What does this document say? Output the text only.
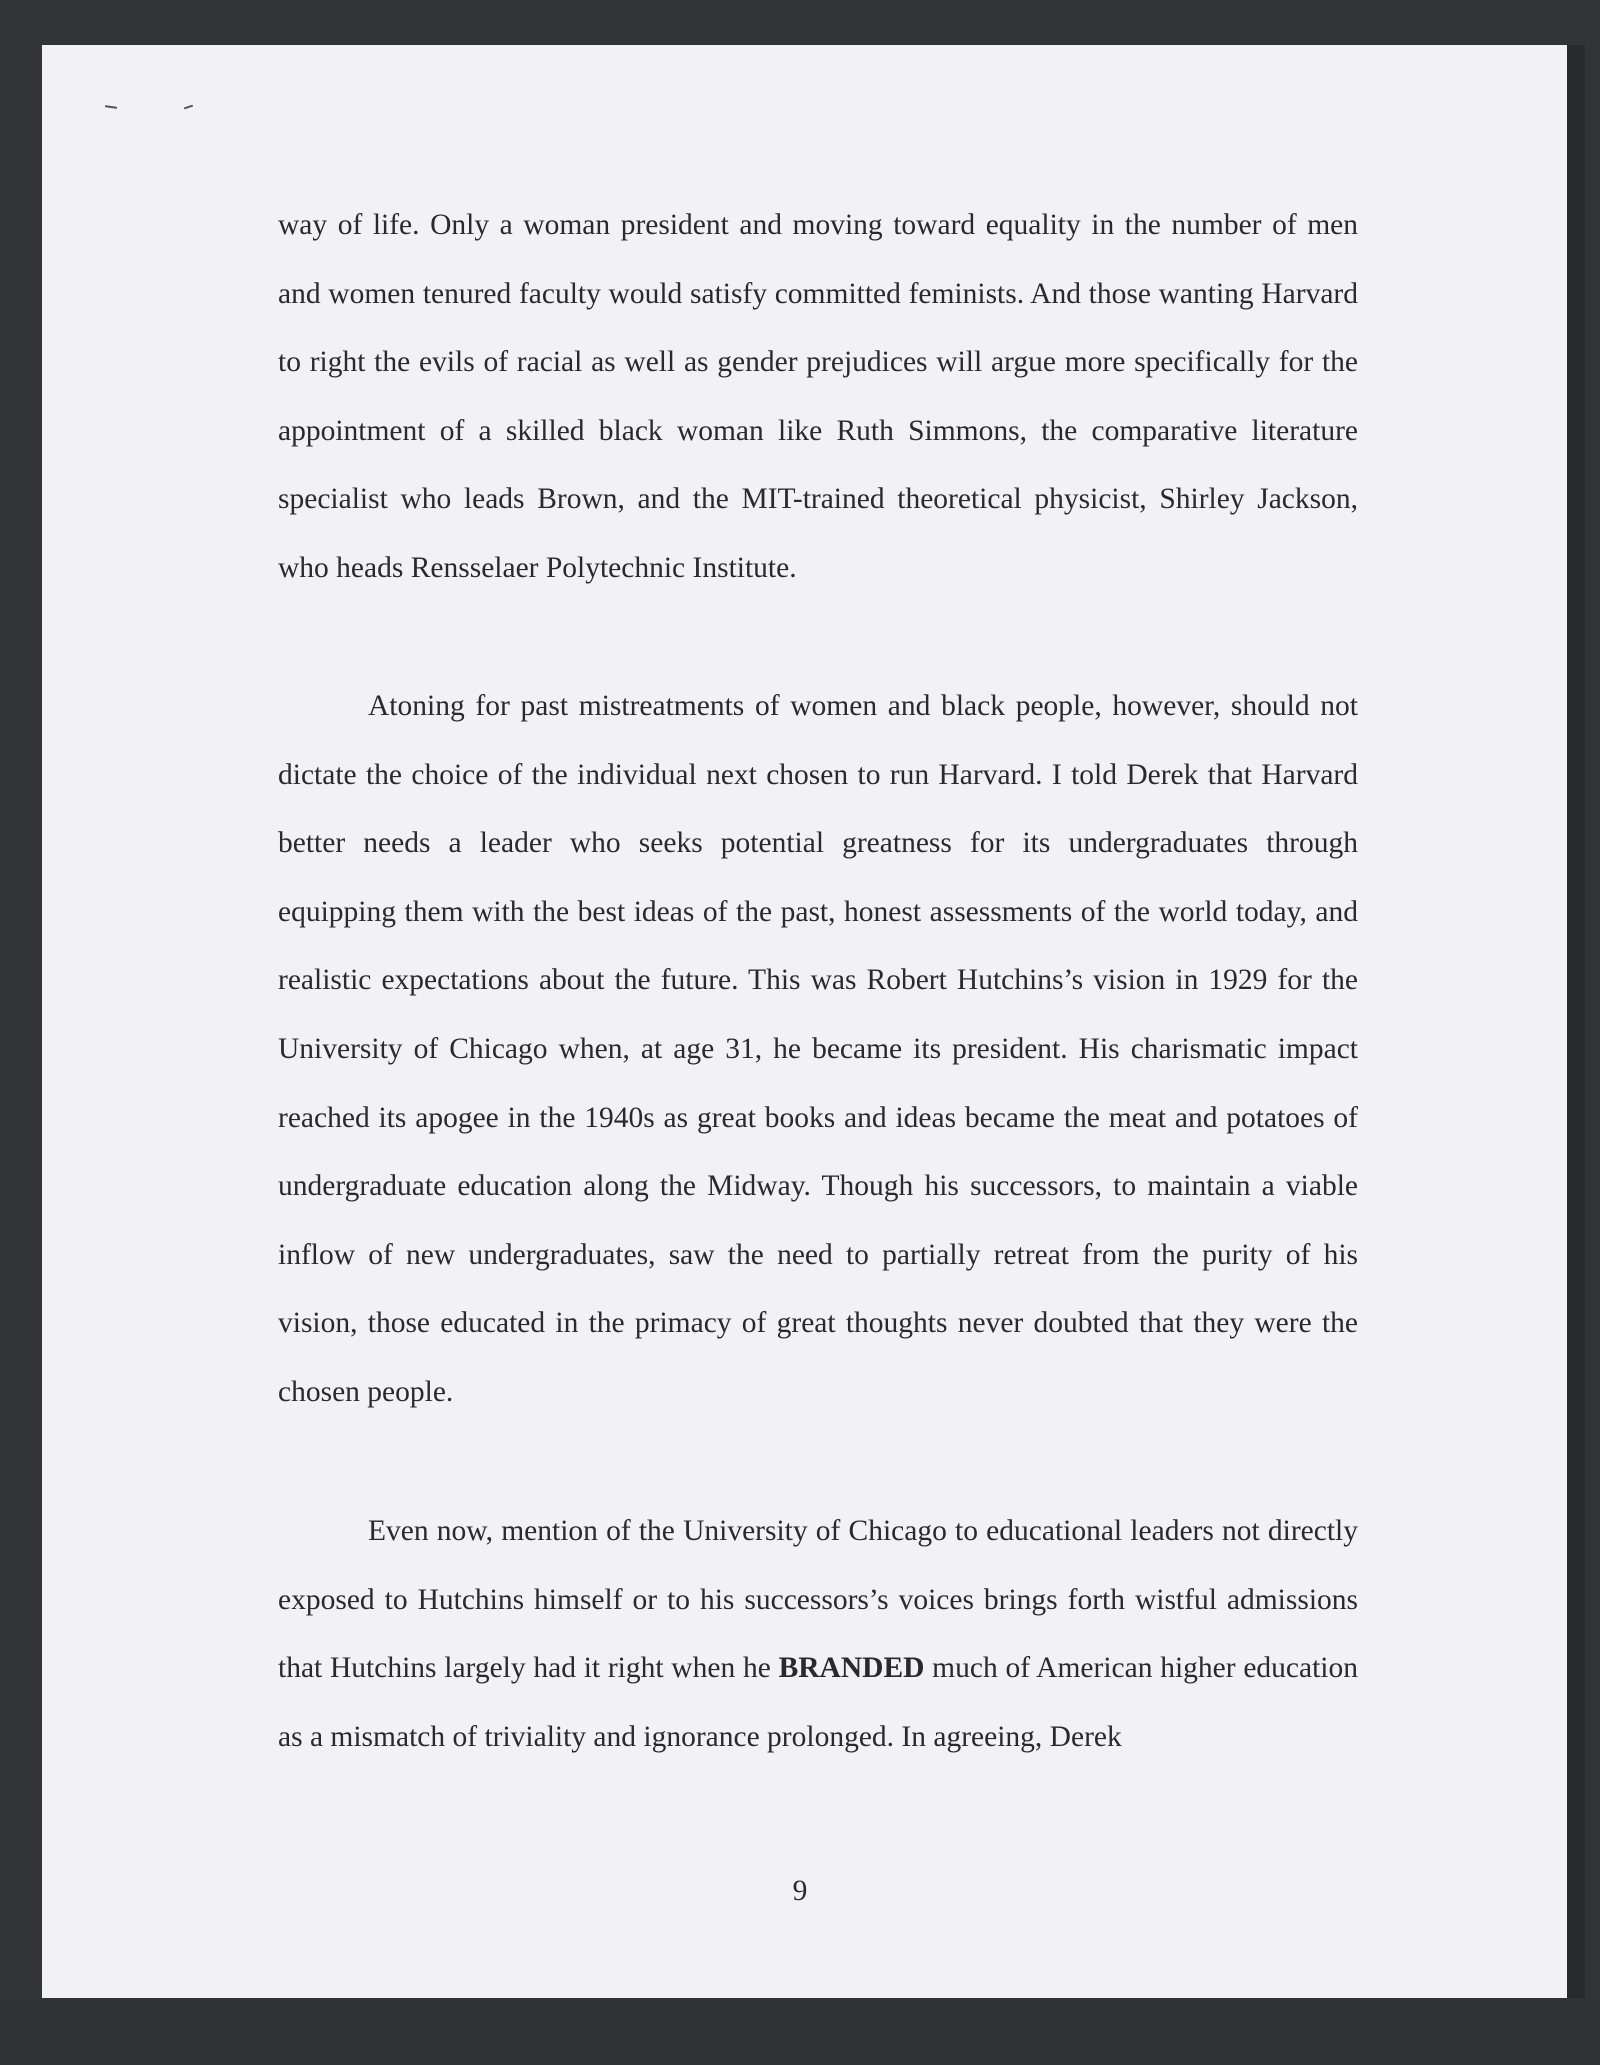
way of life. Only a woman president and moving toward equality in the number of men and women tenured faculty would satisfy committed feminists. And those wanting Harvard to right the evils of racial as well as gender prejudices will argue more specifically for the appointment of a skilled black woman like Ruth Simmons, the comparative literature specialist who leads Brown, and the MIT-trained theoretical physicist, Shirley Jackson, who heads Rensselaer Polytechnic Institute.

Atoning for past mistreatments of women and black people, however, should not dictate the choice of the individual next chosen to run Harvard. I told Derek that Harvard better needs a leader who seeks potential greatness for its undergraduates through equipping them with the best ideas of the past, honest assessments of the world today, and realistic expectations about the future. This was Robert Hutchins’s vision in 1929 for the University of Chicago when, at age 31, he became its president. His charismatic impact reached its apogee in the 1940s as great books and ideas became the meat and potatoes of undergraduate education along the Midway. Though his successors, to maintain a viable inflow of new undergraduates, saw the need to partially retreat from the purity of his vision, those educated in the primacy of great thoughts never doubted that they were the chosen people.

Even now, mention of the University of Chicago to educational leaders not directly exposed to Hutchins himself or to his successors’s voices brings forth wistful admissions that Hutchins largely had it right when he BRANDED much of American higher education as a mismatch of triviality and ignorance prolonged. In agreeing, Derek

9
